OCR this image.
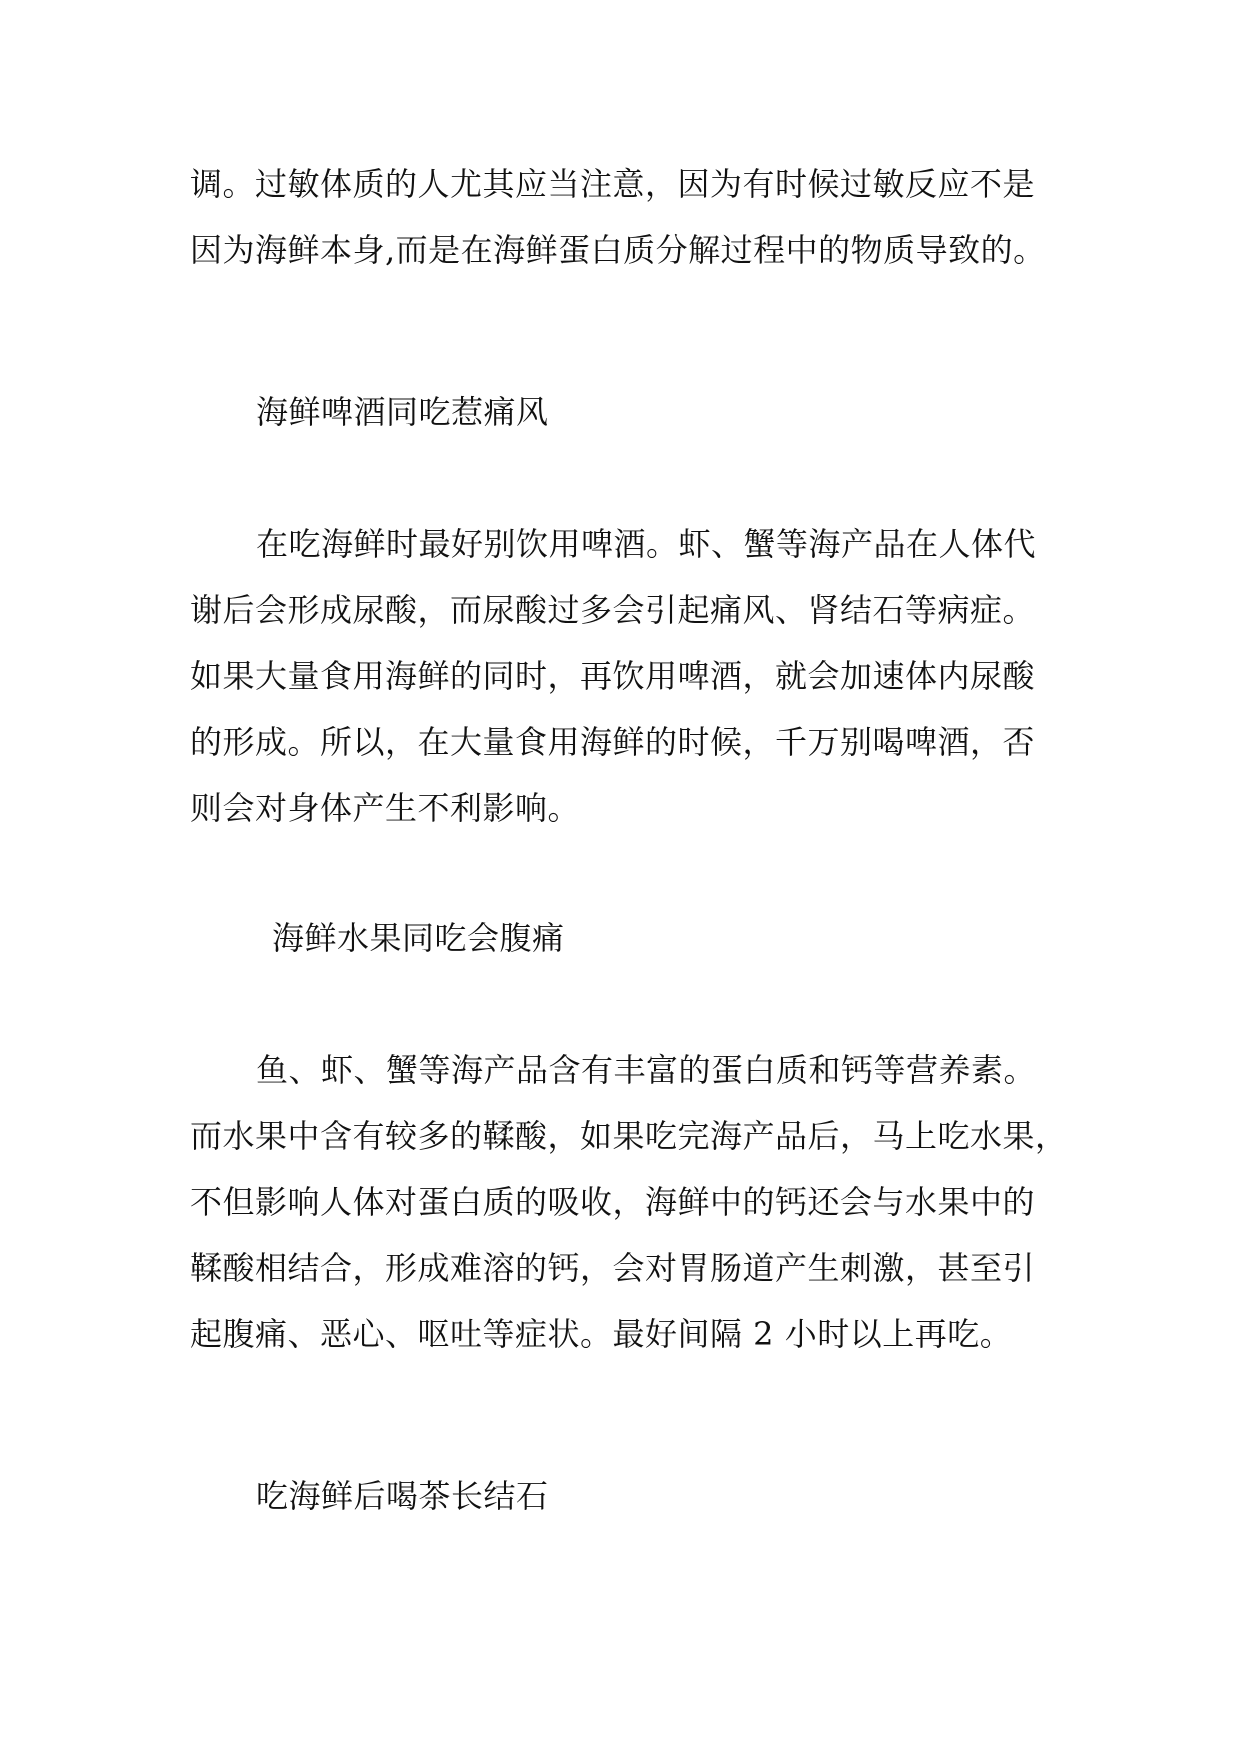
调。过敏体质的人尤其应当注意，因为有时候过敏反应不是
因为海鲜本身,而是在海鲜蛋白质分解过程中的物质导致的。
海鲜啤酒同吃惹痛风
在吃海鲜时最好别饮用啤酒。虾、蟹等海产品在人体代
谢后会形成尿酸，而尿酸过多会引起痛风、肾结石等病症。
如果大量食用海鲜的同时，再饮用啤酒，就会加速体内尿酸
的形成。所以，在大量食用海鲜的时候，千万别喝啤酒，否
则会对身体产生不利影响。
海鲜水果同吃会腹痛
鱼、虾、蟹等海产品含有丰富的蛋白质和钙等营养素。
而水果中含有较多的鞣酸，如果吃完海产品后，马上吃水果，
不但影响人体对蛋白质的吸收，海鲜中的钙还会与水果中的
鞣酸相结合，形成难溶的钙，会对胃肠道产生刺激，甚至引
起腹痛、恶心、呕吐等症状。最好间隔 2 小时以上再吃。
吃海鲜后喝茶长结石
